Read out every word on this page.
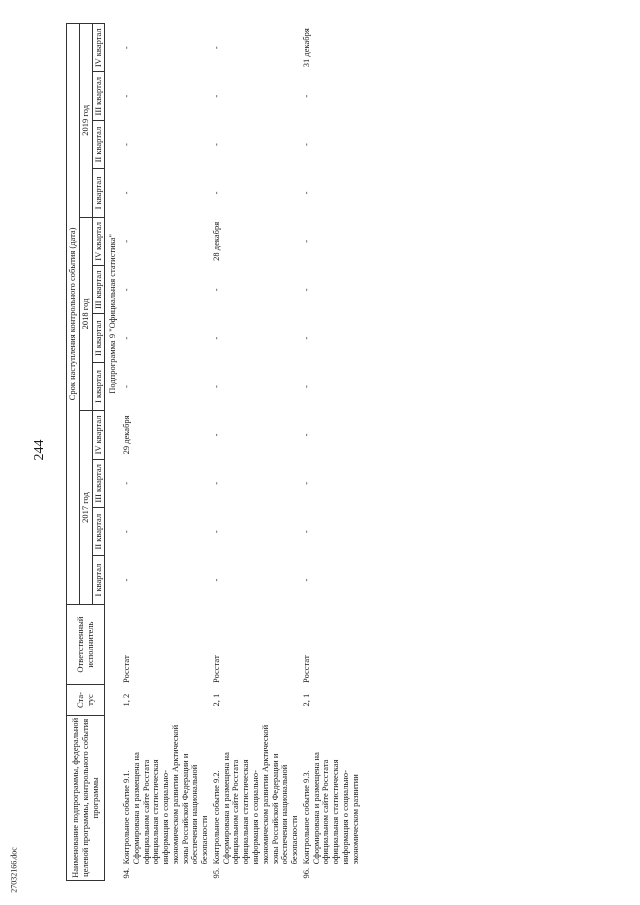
244
27032166.doc	Наименование подпрограммы, федеральной целевой программы, контрольного события программы		Ста-тус	Ответственный исполнитель	Срок наступления контрольного события (дата)											
				2017 год				2018 год				2019 год			
				I квартал	II квартал	III квартал	IV квартал	I квартал	II квартал	III квартал	IV квартал	I квартал	II квартал	III квартал	IV квартал
				Подпрограмма 9 "Официальная статистика"											
94.	Контрольное событие 9.1. Сформирована и размещена на официальном сайте Росстата официальная статистическая информация о социально-экономическом развитии Арктической зоны Российской Федерации и обеспечении национальной безопасности	1, 2	Росстат	-	-	-	29 декабря	-	-	-	-	-	-	-	-
95.	Контрольное событие 9.2. Сформирована и размещена на официальном сайте Росстата официальная статистическая информация о социально-экономическом развитии Арктической зоны Российской Федерации и обеспечении национальной безопасности	2, 1	Росстат	-	-	-	-	-	-	-	28 декабря	-	-	-	-
96.	Контрольное событие 9.3. Сформирована и размещена на официальном сайте Росстата официальная статистическая информация о социально-экономическом развитии	2, 1	Росстат	-	-	-	-	-	-	-	-	-	-	-	31 декабря
